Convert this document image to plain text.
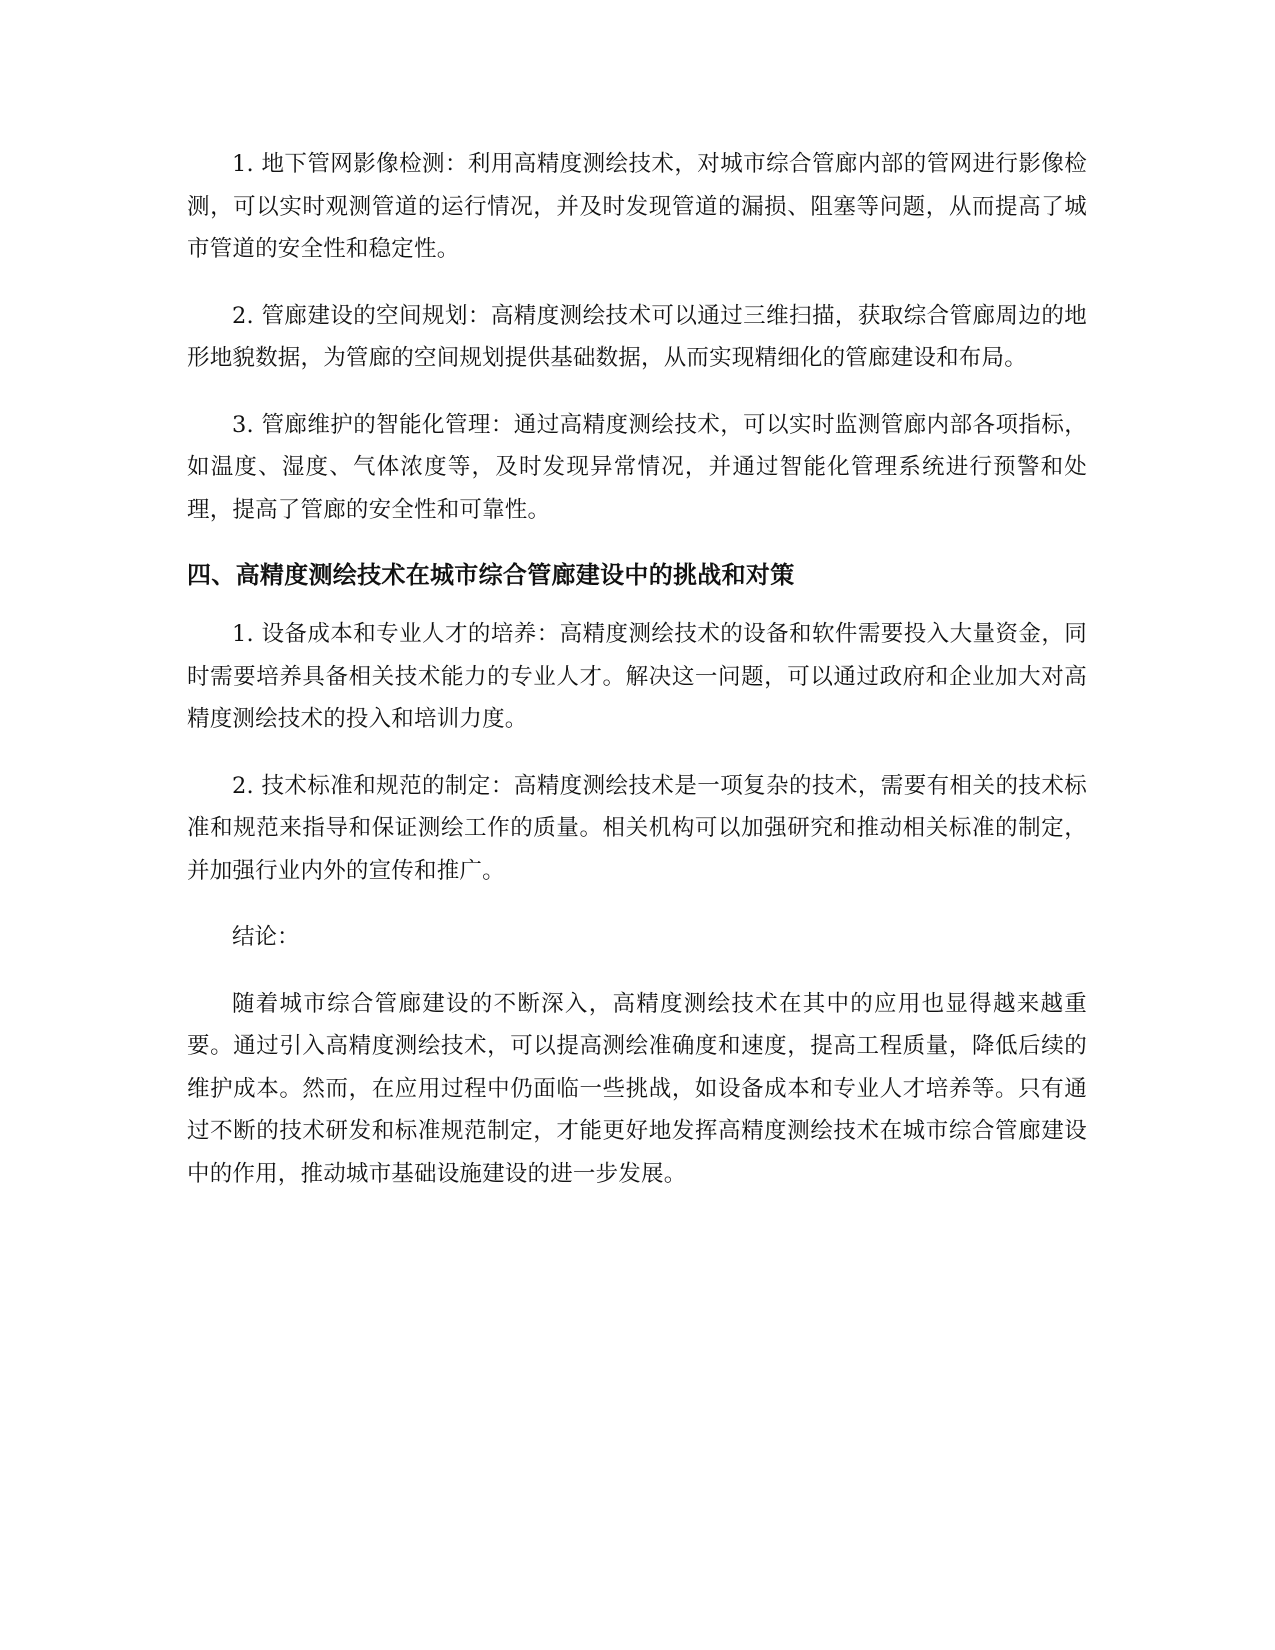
1. 地下管网影像检测：利用高精度测绘技术，对城市综合管廊内部的管网进行影像检测，可以实时观测管道的运行情况，并及时发现管道的漏损、阻塞等问题，从而提高了城市管道的安全性和稳定性。

2. 管廊建设的空间规划：高精度测绘技术可以通过三维扫描，获取综合管廊周边的地形地貌数据，为管廊的空间规划提供基础数据，从而实现精细化的管廊建设和布局。

3. 管廊维护的智能化管理：通过高精度测绘技术，可以实时监测管廊内部各项指标，如温度、湿度、气体浓度等，及时发现异常情况，并通过智能化管理系统进行预警和处理，提高了管廊的安全性和可靠性。

四、高精度测绘技术在城市综合管廊建设中的挑战和对策

1. 设备成本和专业人才的培养：高精度测绘技术的设备和软件需要投入大量资金，同时需要培养具备相关技术能力的专业人才。解决这一问题，可以通过政府和企业加大对高精度测绘技术的投入和培训力度。

2. 技术标准和规范的制定：高精度测绘技术是一项复杂的技术，需要有相关的技术标准和规范来指导和保证测绘工作的质量。相关机构可以加强研究和推动相关标准的制定，并加强行业内外的宣传和推广。

结论：

随着城市综合管廊建设的不断深入，高精度测绘技术在其中的应用也显得越来越重要。通过引入高精度测绘技术，可以提高测绘准确度和速度，提高工程质量，降低后续的维护成本。然而，在应用过程中仍面临一些挑战，如设备成本和专业人才培养等。只有通过不断的技术研发和标准规范制定，才能更好地发挥高精度测绘技术在城市综合管廊建设中的作用，推动城市基础设施建设的进一步发展。
